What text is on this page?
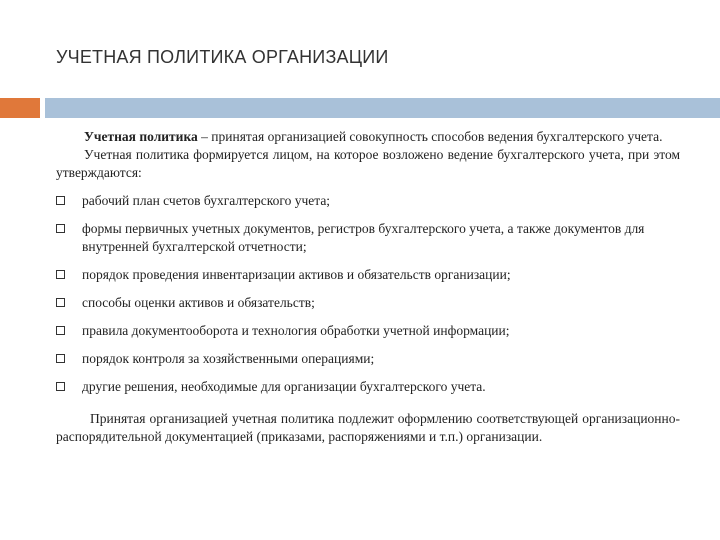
УЧЕТНАЯ ПОЛИТИКА ОРГАНИЗАЦИИ

Учетная политика – принятая организацией совокупность способов ведения бухгалтерского учета.

Учетная политика формируется лицом, на которое возложено ведение бухгалтерского учета, при этом утверждаются:

рабочий план счетов бухгалтерского учета;
формы первичных учетных документов, регистров бухгалтерского учета, а также документов для внутренней бухгалтерской отчетности;
порядок проведения инвентаризации активов и обязательств организации;
способы оценки активов и обязательств;
правила документооборота и технология обработки учетной информации;
порядок контроля за хозяйственными операциями;
другие решения, необходимые для организации бухгалтерского учета.

Принятая организацией учетная политика подлежит оформлению соответствующей организационно-распорядительной документацией (приказами, распоряжениями и т.п.) организации.
